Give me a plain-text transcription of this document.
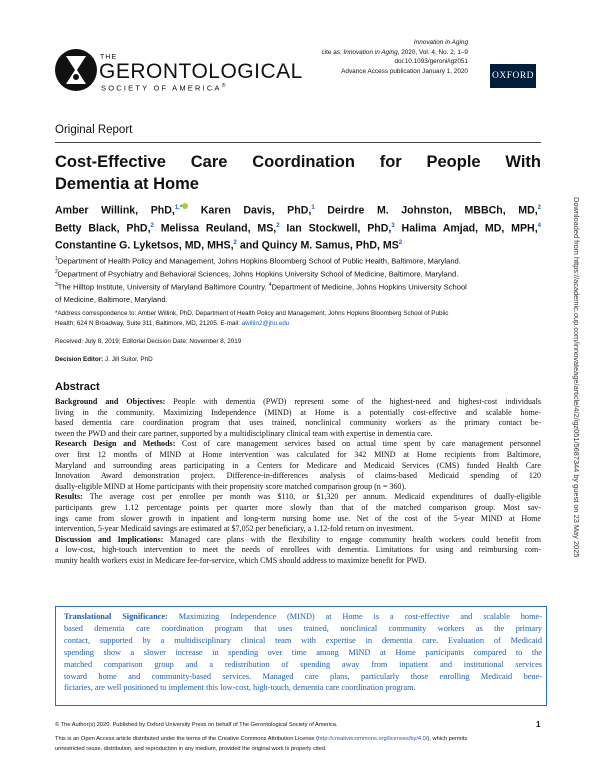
THE
GERONTOLOGICAL
SOCIETY OF AMERICA®
Innovation in Aging
cite as: Innovation in Aging, 2020, Vol. 4, No. 2, 1–9
doi:10.1093/geroni/igz051
Advance Access publication January 1, 2020	OXFORD
Original Report
Cost-Effective Care Coordination for People With
Dementia at Home
Amber Willink, PhD,$^{1,*}$ Karen Davis, PhD,$^1$ Deirdre M. Johnston, MBBCh, MD,$^2$
Betty Black, PhD,$^2$ Melissa Reuland, MS,$^2$ Ian Stockwell, PhD,$^3$ Halima Amjad, MD, MPH,$^4$
Constantine G. Lyketsos, MD, MHS,$^2$ and Quincy M. Samus, PhD, $MS^2$
$^1$Department of Health Policy and Management, Johns Hopkins Bloomberg School of Public Health, Baltimore, Maryland.
$^2$Department of Psychiatry and Behavioral Sciences, Johns Hopkins University School of Medicine, Baltimore, Maryland.
$^3$The Hilltop Institute, University of Maryland Baltimore Country. $^4$Department of Medicine, Johns Hopkins University School
of Medicine, Baltimore, Maryland.
*Address correspondence to: Amber Willink, PhD, Department of Health Policy and Management, Johns Hopkins Bloomberg School of Public
Health; 624 N Broadway, Suite 311, Baltimore, MD, 21205. E-mail: awillin2@jhu.edu
Received: July 8, 2019; Editorial Decision Date: November 8, 2019
Decision Editor: J. Jill Suitor, PhD
Abstract
Background and Objectives: People with dementia (PWD) represent some of the highest-need and highest-cost individuals
living in the community. Maximizing Independence (MIND) at Home is a potentially cost-effective and scalable home-
based dementia care coordination program that uses trained, nonclinical community workers as the primary contact be-
tween the PWD and their care partner, supported by a multidisciplinary clinical team with expertise in dementia care.
Research Design and Methods: Cost of care management services based on actual time spent by care management personnel
over first 12 months of MIND at Home intervention was calculated for 342 MIND at Home recipients from Baltimore,
Maryland and surrounding areas participating in a Centers for Medicare and Medicaid Services (CMS) funded Health Care
Innovation Award demonstration project. Difference-in-differences analysis of claims-based Medicaid spending of 120
dually-eligible MIND at Home participants with their propensity score matched comparison group (n = 360).
Results: The average cost per enrollee per month was $110, or $1,320 per annum. Medicaid expenditures of dually-eligible
participants grew 1.12 percentage points per quarter more slowly than that of the matched comparison group. Most sav-
ings came from slower growth in inpatient and long-term nursing home use. Net of the cost of the 5-year MIND at Home
intervention, 5-year Medicaid savings are estimated at $7,052 per beneficiary, a 1.12-fold return on investment.
Discussion and Implications: Managed care plans with the flexibility to engage community health workers could benefit from
a low-cost, high-touch intervention to meet the needs of enrollees with dementia. Limitations for using and reimbursing com-
munity health workers exist in Medicare fee-for-service, which CMS should address to maximize benefit for PWD.
Translational Significance: Maximizing Independence (MIND) at Home is a cost-effective and scalable home-
based dementia care coordination program that uses trained, nonclinical community workers as the primary
contact, supported by a multidisciplinary clinical team with expertise in dementia care. Evaluation of Medicaid
spending show a slower increase in spending over time among MIND at Home participants compared to the
matched comparison group and a redistribution of spending away from inpatient and institutional services
toward home and community-based services. Managed care plans, particularly those enrolling Medicaid bene-
ficiaries, are well positioned to implement this low-cost, high-touch, dementia care coordination program.
© The Author(s) 2020. Published by Oxford University Press on behalf of The Gerontological Society of America.	1
This is an Open Access article distributed under the terms of the Creative Commons Attribution License (http://creativecommons.org/licenses/by/4.0/), which permits
unrestricted reuse, distribution, and reproduction in any medium, provided the original work is properly cited.
Downloaded from https://academic.oup.com/innovateage/article/4/2/igz051/5687344 by guest on 23 May 2025
